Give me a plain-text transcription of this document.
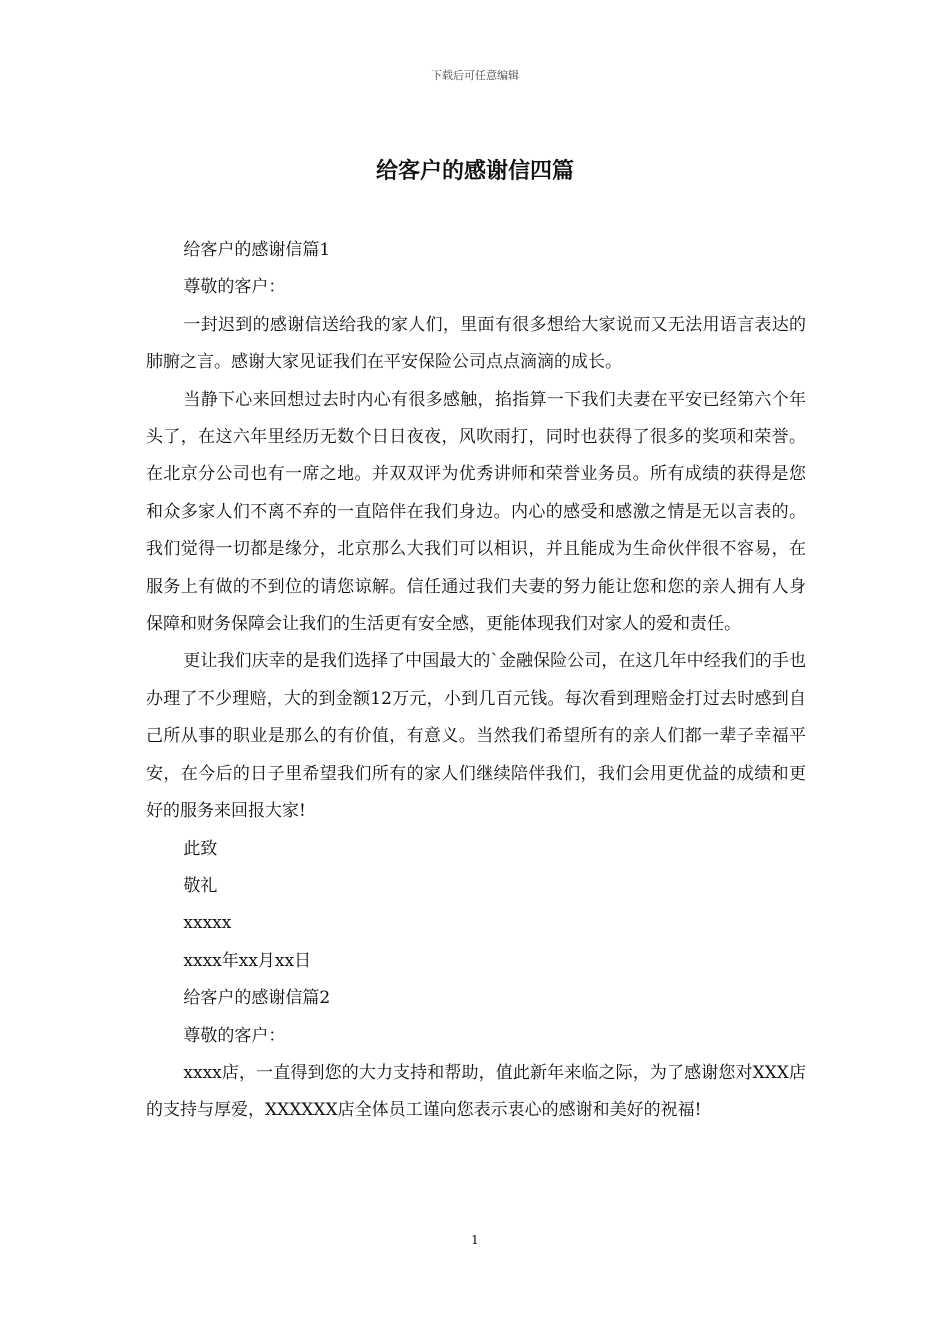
下载后可任意编辑
给客户的感谢信四篇

给客户的感谢信篇1

尊敬的客户：

一封迟到的感谢信送给我的家人们，里面有很多想给大家说而又无法用语言表达的肺腑之言。感谢大家见证我们在平安保险公司点点滴滴的成长。

当静下心来回想过去时内心有很多感触，掐指算一下我们夫妻在平安已经第六个年头了，在这六年里经历无数个日日夜夜，风吹雨打，同时也获得了很多的奖项和荣誉。在北京分公司也有一席之地。并双双评为优秀讲师和荣誉业务员。所有成绩的获得是您和众多家人们不离不弃的一直陪伴在我们身边。内心的感受和感激之情是无以言表的。我们觉得一切都是缘分，北京那么大我们可以相识，并且能成为生命伙伴很不容易，在服务上有做的不到位的请您谅解。信任通过我们夫妻的努力能让您和您的亲人拥有人身保障和财务保障会让我们的生活更有安全感，更能体现我们对家人的爱和责任。

更让我们庆幸的是我们选择了中国最大的`金融保险公司，在这几年中经我们的手也办理了不少理赔，大的到金额12万元，小到几百元钱。每次看到理赔金打过去时感到自己所从事的职业是那么的有价值，有意义。当然我们希望所有的亲人们都一辈子幸福平安，在今后的日子里希望我们所有的家人们继续陪伴我们，我们会用更优益的成绩和更好的服务来回报大家!

此致

敬礼

xxxxx

xxxx年xx月xx日

给客户的感谢信篇2

尊敬的客户：

xxxx店，一直得到您的大力支持和帮助，值此新年来临之际，为了感谢您对XXX店的支持与厚爱，XXXXXX店全体员工谨向您表示衷心的感谢和美好的祝福!

1
